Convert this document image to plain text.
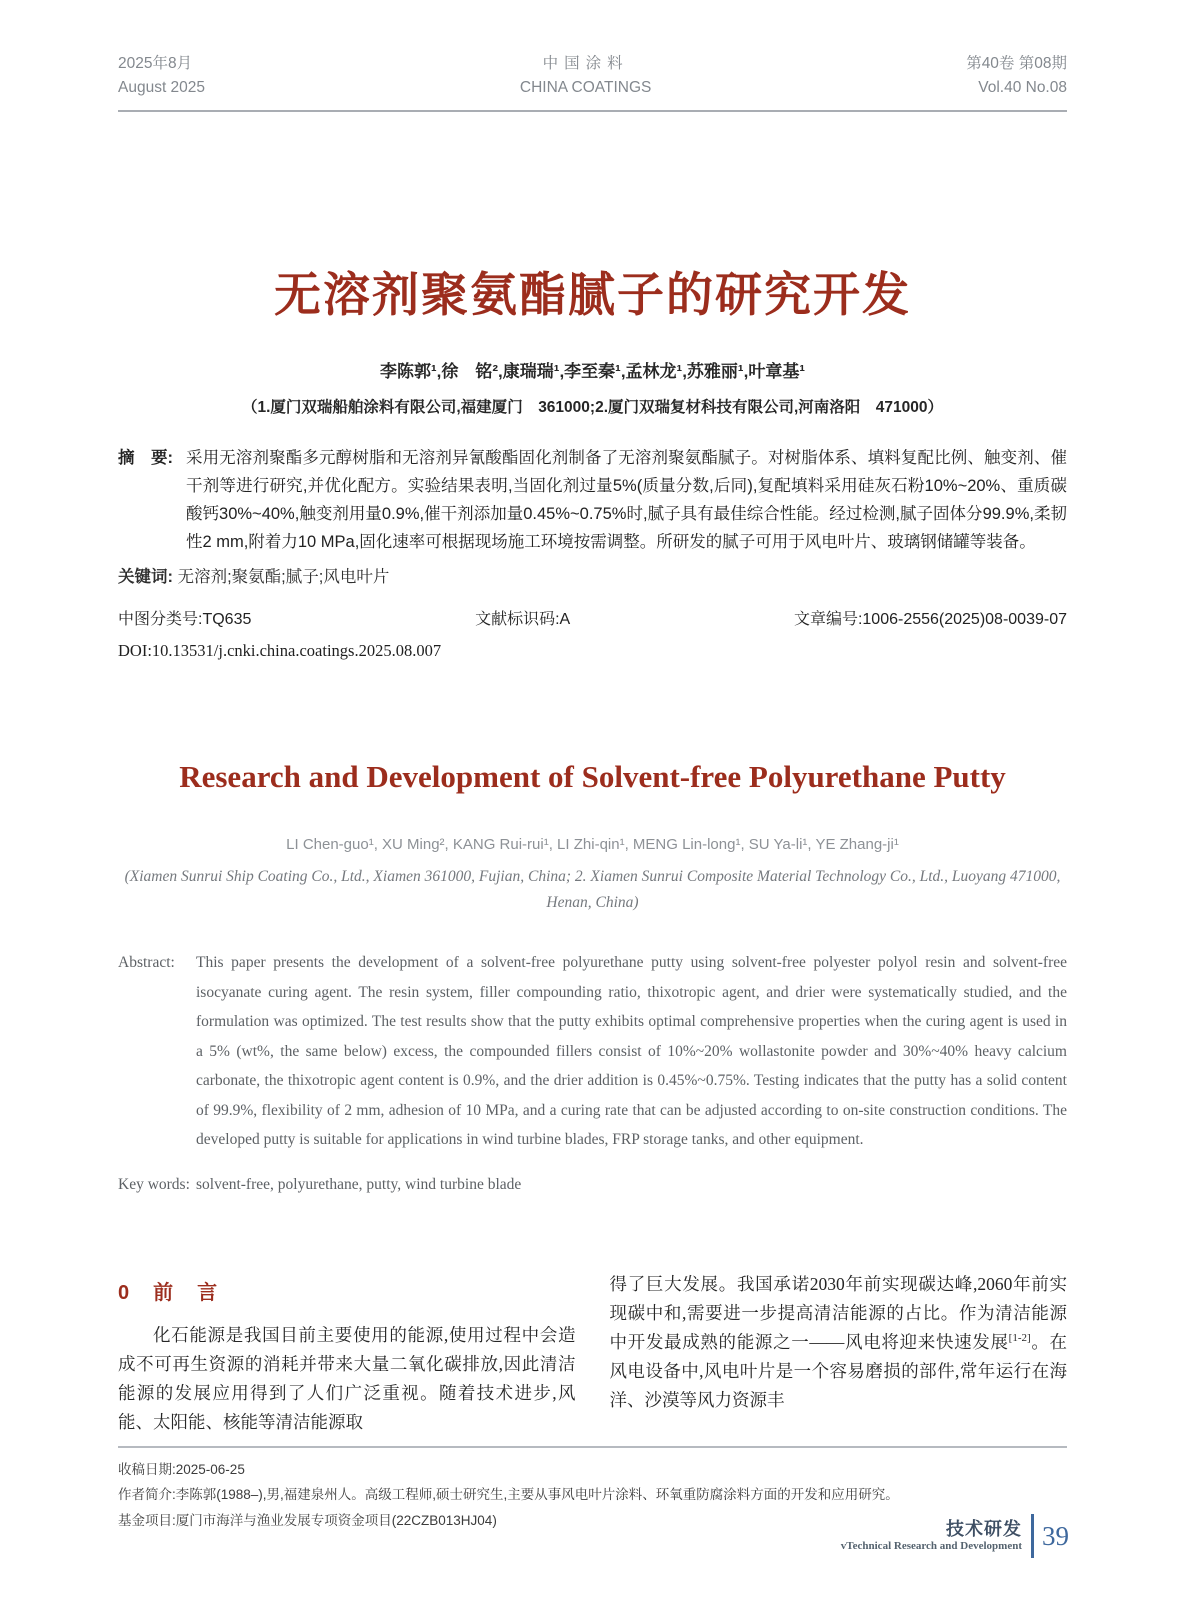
2025年8月
August 2025
中国涂料
CHINA COATINGS
第40卷 第08期
Vol.40 No.08
无溶剂聚氨酯腻子的研究开发
李陈郭¹,徐　铭²,康瑞瑞¹,李至秦¹,孟林龙¹,苏雅丽¹,叶章基¹
（1.厦门双瑞船舶涂料有限公司,福建厦门　361000;2.厦门双瑞复材科技有限公司,河南洛阳　471000）
摘　要: 采用无溶剂聚酯多元醇树脂和无溶剂异氰酸酯固化剂制备了无溶剂聚氨酯腻子。对树脂体系、填料复配比例、触变剂、催干剂等进行研究,并优化配方。实验结果表明,当固化剂过量5%(质量分数,后同),复配填料采用硅灰石粉10%~20%、重质碳酸钙30%~40%,触变剂用量0.9%,催干剂添加量0.45%~0.75%时,腻子具有最佳综合性能。经过检测,腻子固体分99.9%,柔韧性2 mm,附着力10 MPa,固化速率可根据现场施工环境按需调整。所研发的腻子可用于风电叶片、玻璃钢储罐等装备。
关键词: 无溶剂;聚氨酯;腻子;风电叶片
中图分类号:TQ635	文献标识码:A	文章编号:1006-2556(2025)08-0039-07
DOI:10.13531/j.cnki.china.coatings.2025.08.007
Research and Development of Solvent-free Polyurethane Putty
LI Chen-guo¹, XU Ming², KANG Rui-rui¹, LI Zhi-qin¹, MENG Lin-long¹, SU Ya-li¹, YE Zhang-ji¹
(Xiamen Sunrui Ship Coating Co., Ltd., Xiamen 361000, Fujian, China; 2. Xiamen Sunrui Composite Material Technology Co., Ltd., Luoyang 471000, Henan, China)
Abstract:	This paper presents the development of a solvent-free polyurethane putty using solvent-free polyester polyol resin and solvent-free isocyanate curing agent. The resin system, filler compounding ratio, thixotropic agent, and drier were systematically studied, and the formulation was optimized. The test results show that the putty exhibits optimal comprehensive properties when the curing agent is used in a 5% (wt%, the same below) excess, the compounded fillers consist of 10%~20% wollastonite powder and 30%~40% heavy calcium carbonate, the thixotropic agent content is 0.9%, and the drier addition is 0.45%~0.75%. Testing indicates that the putty has a solid content of 99.9%, flexibility of 2 mm, adhesion of 10 MPa, and a curing rate that can be adjusted according to on-site construction conditions. The developed putty is suitable for applications in wind turbine blades, FRP storage tanks, and other equipment.
Key words: solvent-free, polyurethane, putty, wind turbine blade
0　前　言

化石能源是我国目前主要使用的能源,使用过程中会造成不可再生资源的消耗并带来大量二氧化碳排放,因此清洁能源的发展应用得到了人们广泛重视。随着技术进步,风能、太阳能、核能等清洁能源取

得了巨大发展。我国承诺2030年前实现碳达峰,2060年前实现碳中和,需要进一步提高清洁能源的占比。作为清洁能源中开发最成熟的能源之一——风电将迎来快速发展[1-2]。在风电设备中,风电叶片是一个容易磨损的部件,常年运行在海洋、沙漠等风力资源丰

收稿日期:2025-06-25
作者简介:李陈郭(1988–),男,福建泉州人。高级工程师,硕士研究生,主要从事风电叶片涂料、环氧重防腐涂料方面的开发和应用研究。
基金项目:厦门市海洋与渔业发展专项资金项目(22CZB013HJ04)	技术研发
vTechnical Research and Development 39
